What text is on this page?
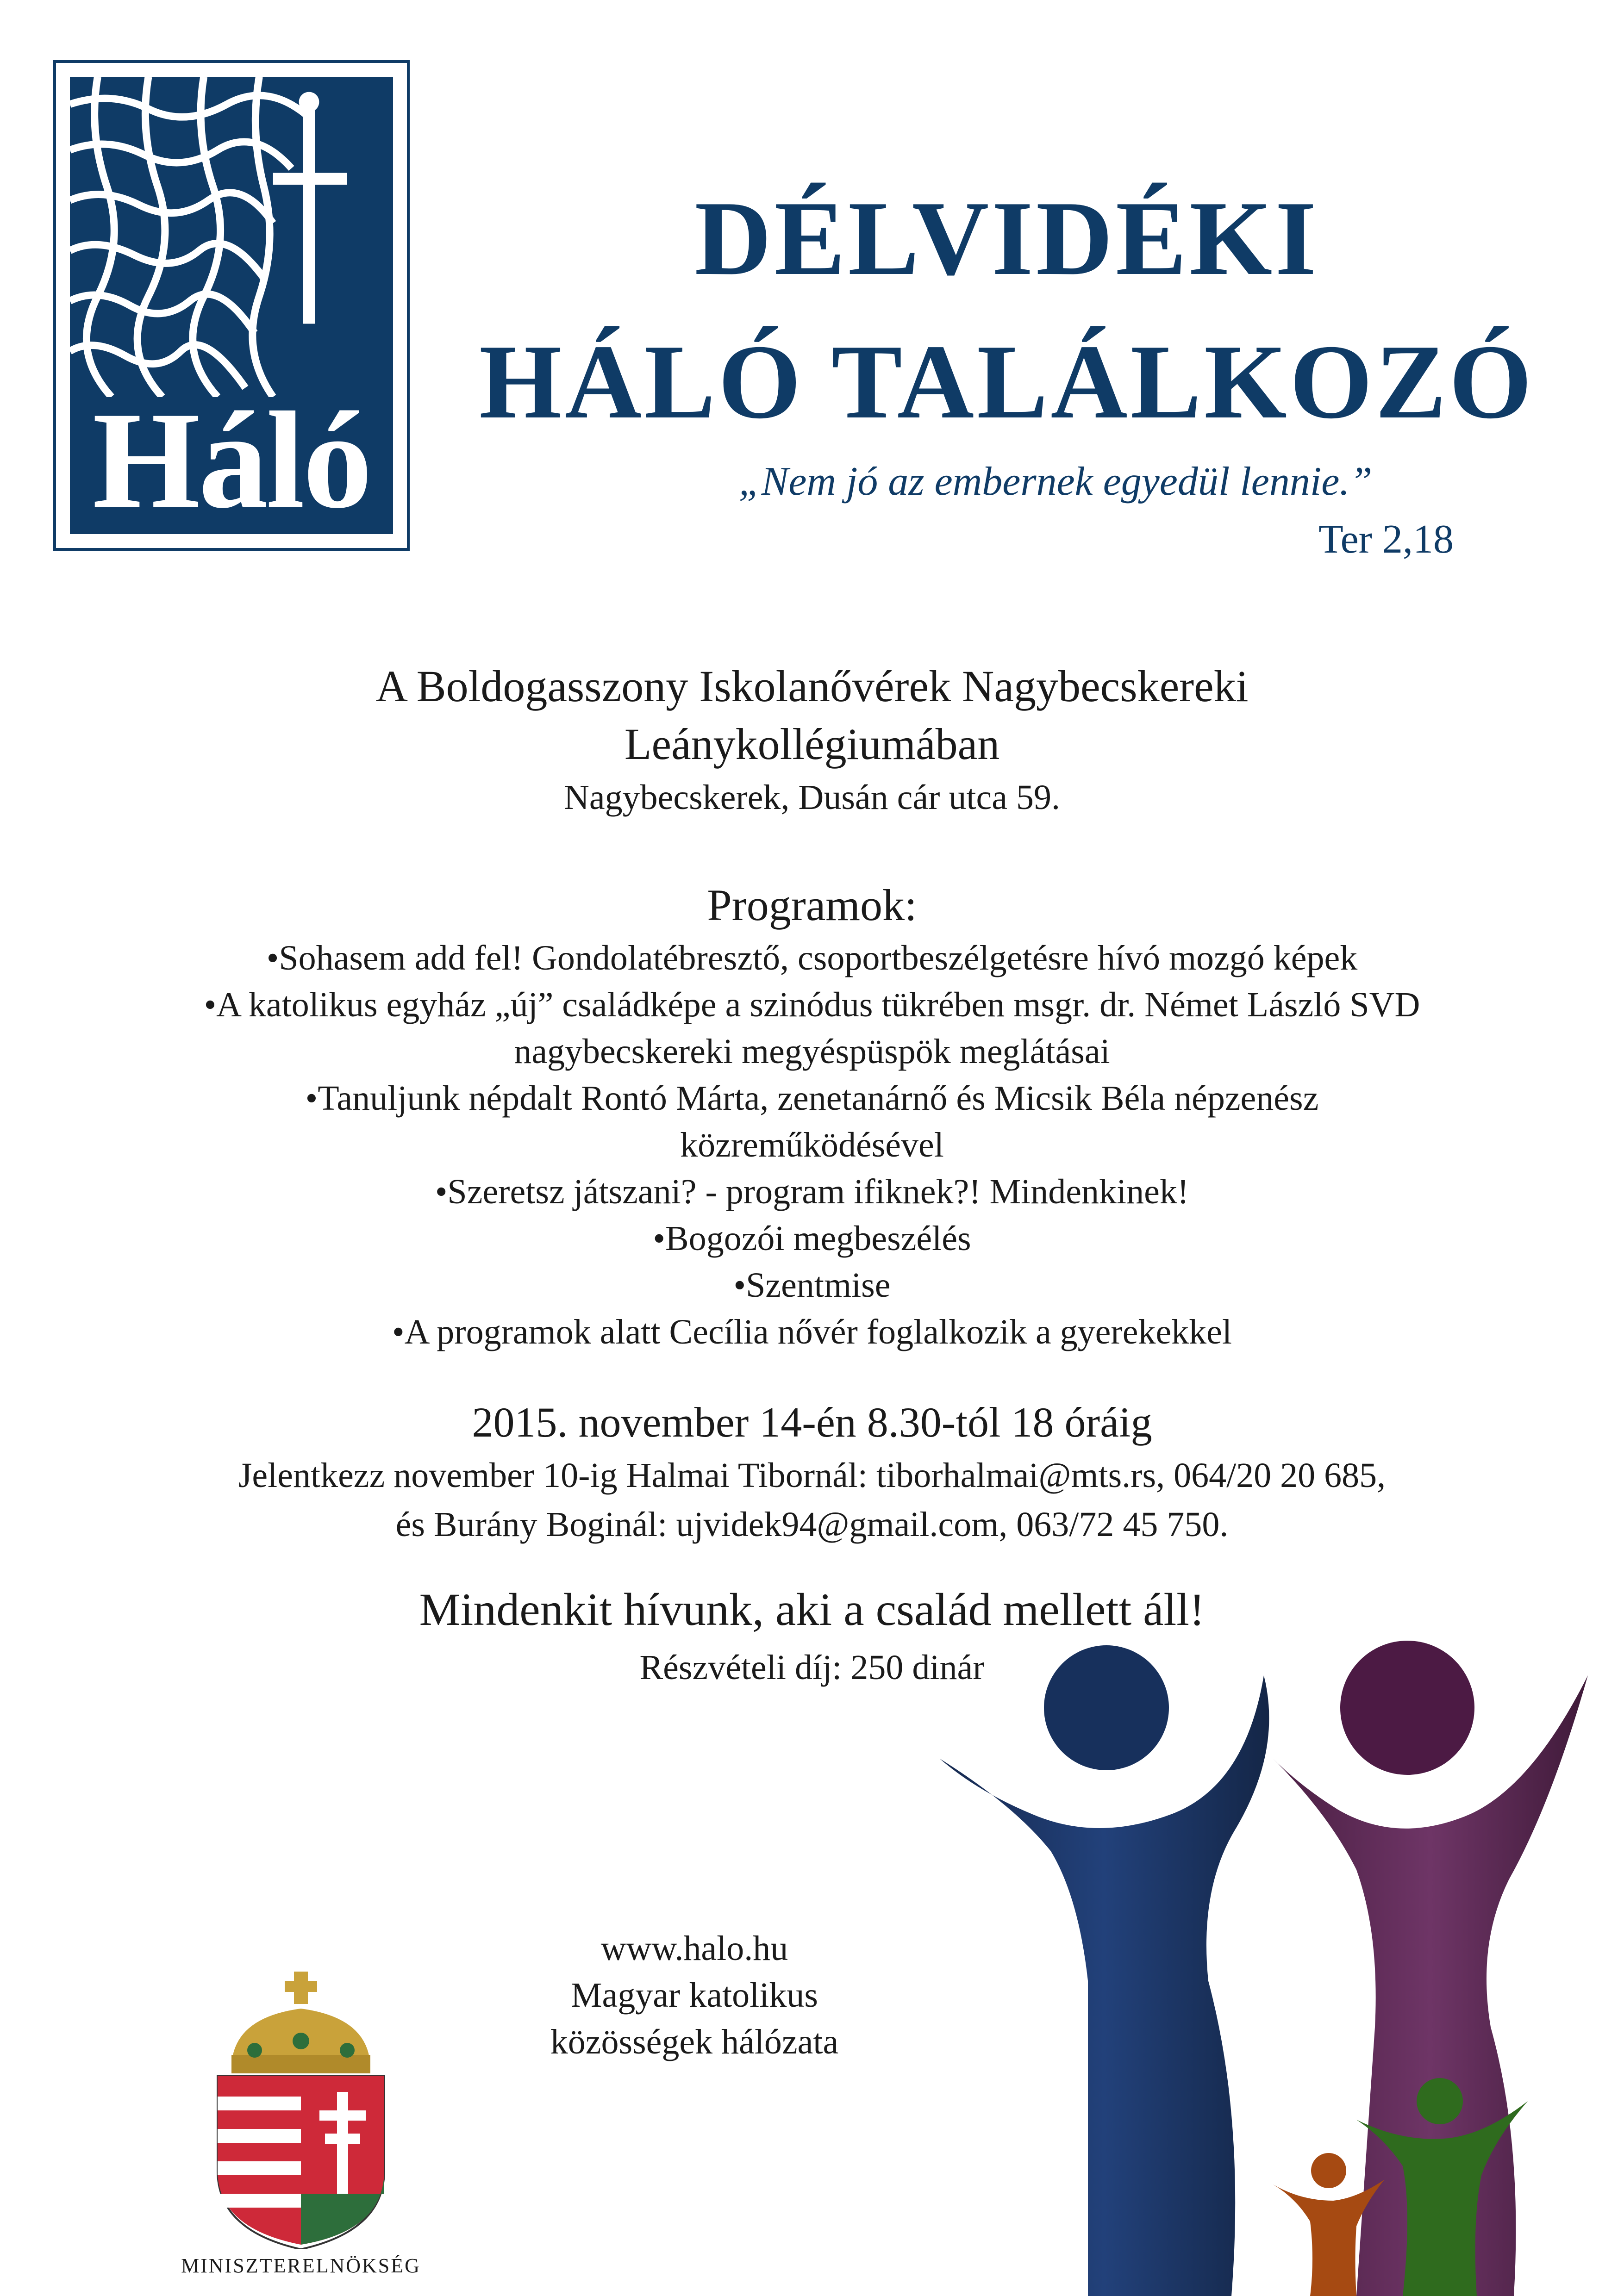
Háló
DÉLVIDÉKI
HÁLÓ TALÁLKOZÓ
„Nem jó az embernek egyedül lennie.”
Ter 2,18
A Boldogasszony Iskolanővérek Nagybecskereki
Leánykollégiumában
Nagybecskerek, Dusán cár utca 59.
Programok:
•Sohasem add fel! Gondolatébresztő, csoportbeszélgetésre hívó mozgó képek
•A katolikus egyház „új” családképe a szinódus tükrében msgr. dr. Német László SVD
nagybecskereki megyéspüspök meglátásai
•Tanuljunk népdalt Rontó Márta, zenetanárnő és Micsik Béla népzenész
közreműködésével
•Szeretsz játszani? - program ifiknek?! Mindenkinek!
•Bogozói megbeszélés
•Szentmise
•A programok alatt Cecília nővér foglalkozik a gyerekekkel
2015. november 14-én 8.30-tól 18 óráig
Jelentkezz november 10-ig Halmai Tibornál: tiborhalmai@mts.rs, 064/20 20 685,
és Burány Boginál: ujvidek94@gmail.com, 063/72 45 750.
Mindenkit hívunk, aki a család mellett áll!
Részvételi díj: 250 dinár
www.halo.hu
Magyar katolikus
közösségek hálózata
MINISZTERELNÖKSÉG
